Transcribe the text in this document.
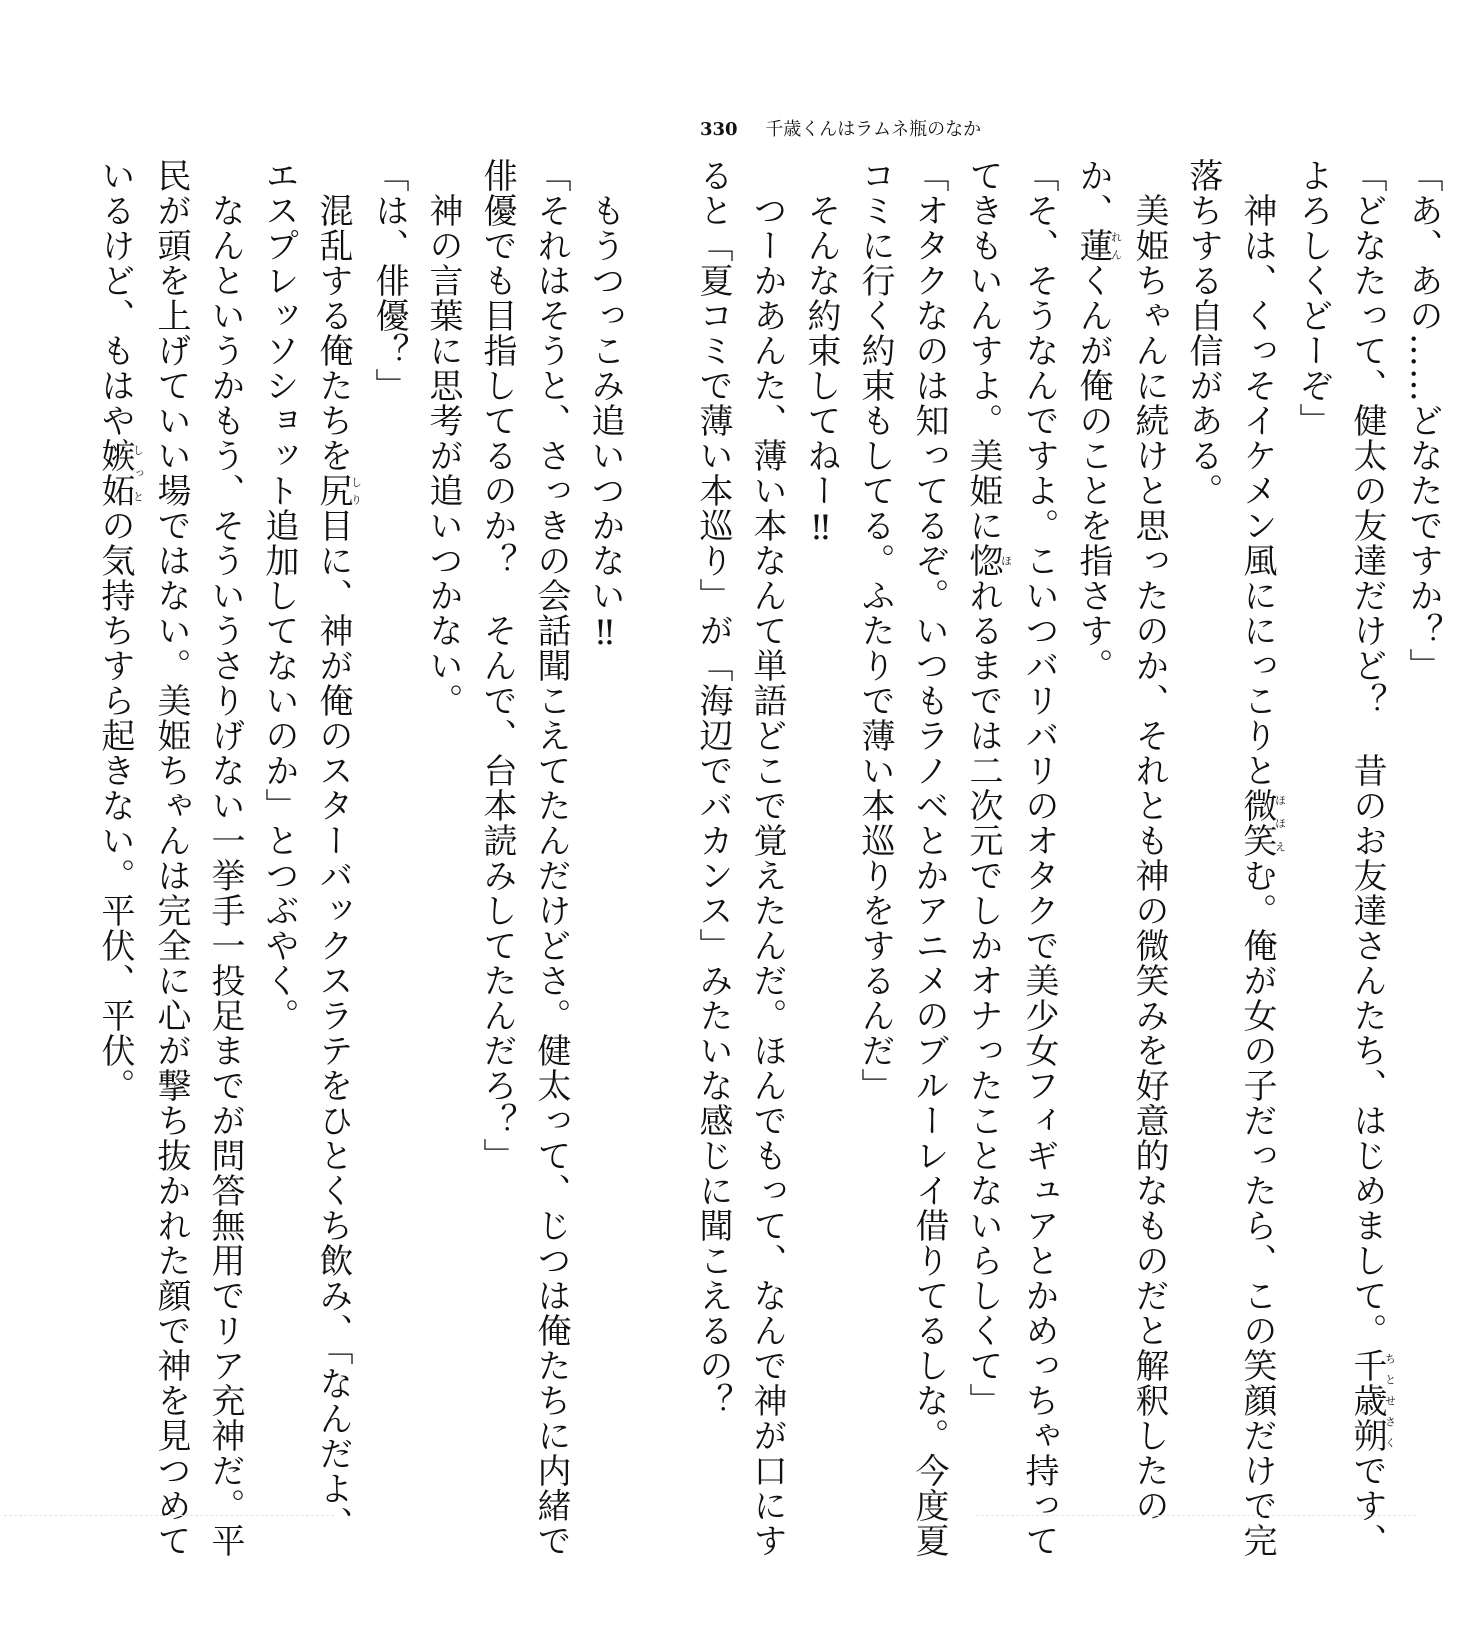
330 千歳くんはラムネ瓶のなか

「あ、あの……どなたですか？」

「どなたって、健太の友達だけど？　昔のお友達さんたち、はじめまして。千歳朔ちとせさくです、

よろしくどーぞ」

　神は、くっそイケメン風ににっこりと微笑ほほえむ。俺が女の子だったら、この笑顔だけで完

落ちする自信がある。

　美姫ちゃんに続けと思ったのか、それとも神の微笑みを好意的なものだと解釈したの

か、蓮れんくんが俺のことを指さす。

「そ、そうなんですよ。こいつバリバリのオタクで美少女フィギュアとかめっちゃ持って

てきもいんすよ。美姫に惚ほれるまでは二次元でしかオナったことないらしくて」

「オタクなのは知ってるぞ。いつもラノベとかアニメのブルーレイ借りてるしな。今度夏

コミに行く約束もしてる。ふたりで薄い本巡りをするんだ」

　そんな約束してねー‼

　つーかあんた、薄い本なんて単語どこで覚えたんだ。ほんでもって、なんで神が口にす

ると「夏コミで薄い本巡り」が「海辺でバカンス」みたいな感じに聞こえるの？

　もうつっこみ追いつかない‼

「それはそうと、さっきの会話聞こえてたんだけどさ。健太って、じつは俺たちに内緒で

俳優でも目指してるのか？　そんで、台本読みしてたんだろ？」

　神の言葉に思考が追いつかない。

「は、俳優？」

　混乱する俺たちを尻しり目に、神が俺のスターバックスラテをひとくち飲み、「なんだよ、

エスプレッソショット追加してないのか」とつぶやく。

　なんというかもう、そういうさりげない一挙手一投足までが問答無用でリア充神だ。平

民が頭を上げていい場ではない。美姫ちゃんは完全に心が撃ち抜かれた顔で神を見つめて

いるけど、もはや嫉妬しっとの気持ちすら起きない。平伏、平伏。
